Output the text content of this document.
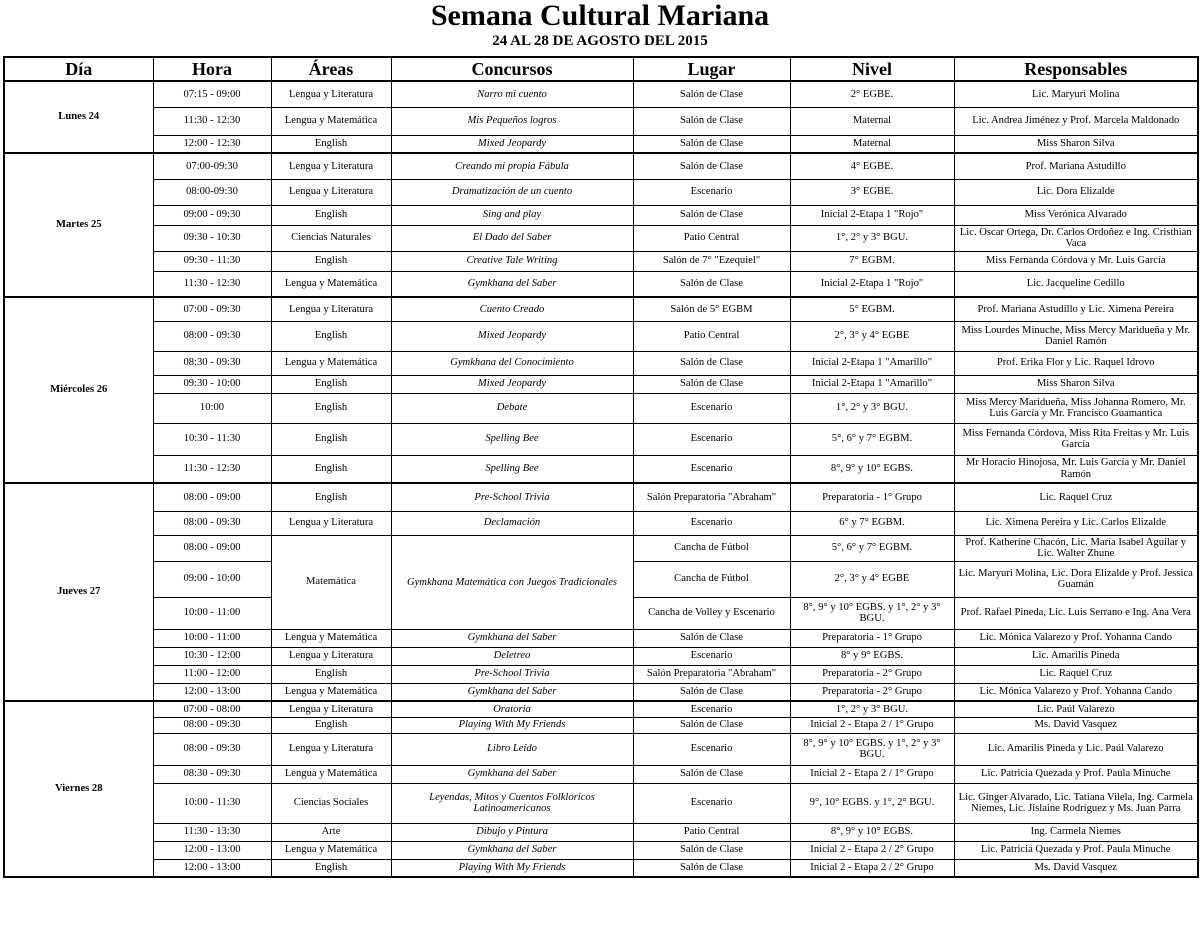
Semana Cultural Mariana
24 AL 28 DE AGOSTO DEL 2015
Día	Hora	Áreas	Concursos	Lugar	Nivel	Responsables
Lunes 24	07:15 - 09:00	Lengua y Literatura	Narro mi cuento	Salón de Clase	2° EGBE.	Lic. Maryuri Molina
	11:30 - 12:30	Lengua y Matemática	Mis Pequeños logros	Salón de Clase	Maternal	Lic. Andrea Jiménez y Prof. Marcela Maldonado
	12:00 - 12:30	English	Mixed Jeopardy	Salón de Clase	Maternal	Miss Sharon Silva
Martes 25	07:00-09:30	Lengua y Literatura	Creando mi propia Fábula	Salón de Clase	4° EGBE.	Prof. Mariana Astudillo
	08:00-09:30	Lengua y Literatura	Dramatización de un cuento	Escenario	3° EGBE.	Lic. Dora Elizalde
	09:00 - 09:30	English	Sing and play	Salón de Clase	Inicial 2-Etapa 1 "Rojo"	Miss Verónica Alvarado
	09:30 - 10:30	Ciencias Naturales	El Dado del Saber	Patio Central	1°, 2° y 3° BGU.	Lic. Oscar Ortega, Dr. Carlos Ordoñez e Ing. Cristhian Vaca
	09:30 - 11:30	English	Creative Tale Writing	Salón de 7° "Ezequiel"	7° EGBM.	Miss Fernanda Córdova y Mr. Luis García
	11:30 - 12:30	Lengua y Matemática	Gymkhana del Saber	Salón de Clase	Inicial 2-Etapa 1 "Rojo"	Lic. Jacqueline Cedillo
Miércoles 26	07:00 - 09:30	Lengua y Literatura	Cuento Creado	Salón de 5° EGBM	5° EGBM.	Prof. Mariana Astudillo y Lic. Ximena Pereira
	08:00 - 09:30	English	Mixed Jeopardy	Patio Central	2°, 3° y 4° EGBE	Miss Lourdes Minuche, Miss Mercy Maridueña y Mr. Daniel Ramón
	08:30 - 09:30	Lengua y Matemática	Gymkhana del Conocimiento	Salón de Clase	Inicial 2-Etapa 1 "Amarillo"	Prof. Erika Flor y Lic. Raquel Idrovo
	09:30 - 10:00	English	Mixed Jeopardy	Salón de Clase	Inicial 2-Etapa 1 "Amarillo"	Miss Sharon Silva
	10:00	English	Debate	Escenario	1°, 2° y 3° BGU.	Miss Mercy Maridueña, Miss Johanna Romero, Mr. Luis García y Mr. Francisco Guamantica
	10:30 - 11:30	English	Spelling Bee	Escenario	5°, 6° y 7° EGBM.	Miss Fernanda Córdova, Miss Rita Freitas y Mr. Luis García
	11:30 - 12:30	English	Spelling Bee	Escenario	8°, 9° y 10° EGBS.	Mr Horacio Hinojosa, Mr. Luis García y Mr. Daniel Ramón
Jueves 27	08:00 - 09:00	English	Pre-School Trivia	Salón Preparatoria "Abraham"	Preparatoria - 1° Grupo	Lic. Raquel Cruz
	08:00 - 09:30	Lengua y Literatura	Declamación	Escenario	6° y 7° EGBM.	Lic. Ximena Pereira y Lic. Carlos Elizalde
	08:00 - 09:00	Matemática	Gymkhana Matemática con Juegos Tradicionales	Cancha de Fútbol	5°, 6° y 7° EGBM.	Prof. Katherine Chacón, Lic. María Isabel Aguilar y Lic. Walter Zhune
	09:00 - 10:00			Cancha de Fútbol	2°, 3° y 4° EGBE	Lic. Maryuri Molina, Lic. Dora Elizalde y Prof. Jessica Guamán
	10:00 - 11:00			Cancha de Volley y Escenario	8°, 9° y 10° EGBS. y 1°, 2° y 3° BGU.	Prof. Rafael Pineda, Lic. Luis Serrano e Ing. Ana Vera
	10:00 - 11:00	Lengua y Matemática	Gymkhana del Saber	Salón de Clase	Preparatoria - 1° Grupo	Lic. Mónica Valarezo y Prof. Yohanna Cando
	10:30 - 12:00	Lengua y Literatura	Deletreo	Escenario	8° y 9° EGBS.	Lic. Amarilis Pineda
	11:00 - 12:00	English	Pre-School Trivia	Salón Preparatoria "Abraham"	Preparatoria - 2° Grupo	Lic. Raquel Cruz
	12:00 - 13:00	Lengua y Matemática	Gymkhana del Saber	Salón de Clase	Preparatoria - 2° Grupo	Lic. Mónica Valarezo y Prof. Yohanna Cando
Viernes 28	07:00 - 08:00	Lengua y Literatura	Oratoria	Escenario	1°, 2° y 3° BGU.	Lic. Paúl Valarezo
	08:00 - 09:30	English	Playing With My Friends	Salón de Clase	Inicial 2 - Etapa 2 / 1° Grupo	Ms. David Vasquez
	08:00 - 09:30	Lengua y Literatura	Libro Leído	Escenario	8°, 9° y 10° EGBS. y 1°, 2° y 3° BGU.	Lic. Amarilis Pineda y Lic. Paúl Valarezo
	08:30 - 09:30	Lengua y Matemática	Gymkhana del Saber	Salón de Clase	Inicial 2 - Etapa 2 / 1° Grupo	Lic. Patricia Quezada y Prof. Paula Minuche
	10:00 - 11:30	Ciencias Sociales	Leyendas, Mitos y Cuentos Folkloricos Latinoamericanos	Escenario	9°, 10° EGBS. y 1°, 2° BGU.	Lic. Ginger Alvarado, Lic. Tatiana Vilela, Ing. Carmela Niemes, Lic. Jislaine Rodríguez y Ms. Juan Parra
	11:30 - 13:30	Arte	Dibujo y Pintura	Patio Central	8°, 9° y 10° EGBS.	Ing. Carmela Niemes
	12:00 - 13:00	Lengua y Matemática	Gymkhana del Saber	Salón de Clase	Inicial 2 - Etapa 2 / 2° Grupo	Lic. Patricia Quezada y Prof. Paula Minuche
	12:00 - 13:00	English	Playing With My Friends	Salón de Clase	Inicial 2 - Etapa 2 / 2° Grupo	Ms. David Vasquez
